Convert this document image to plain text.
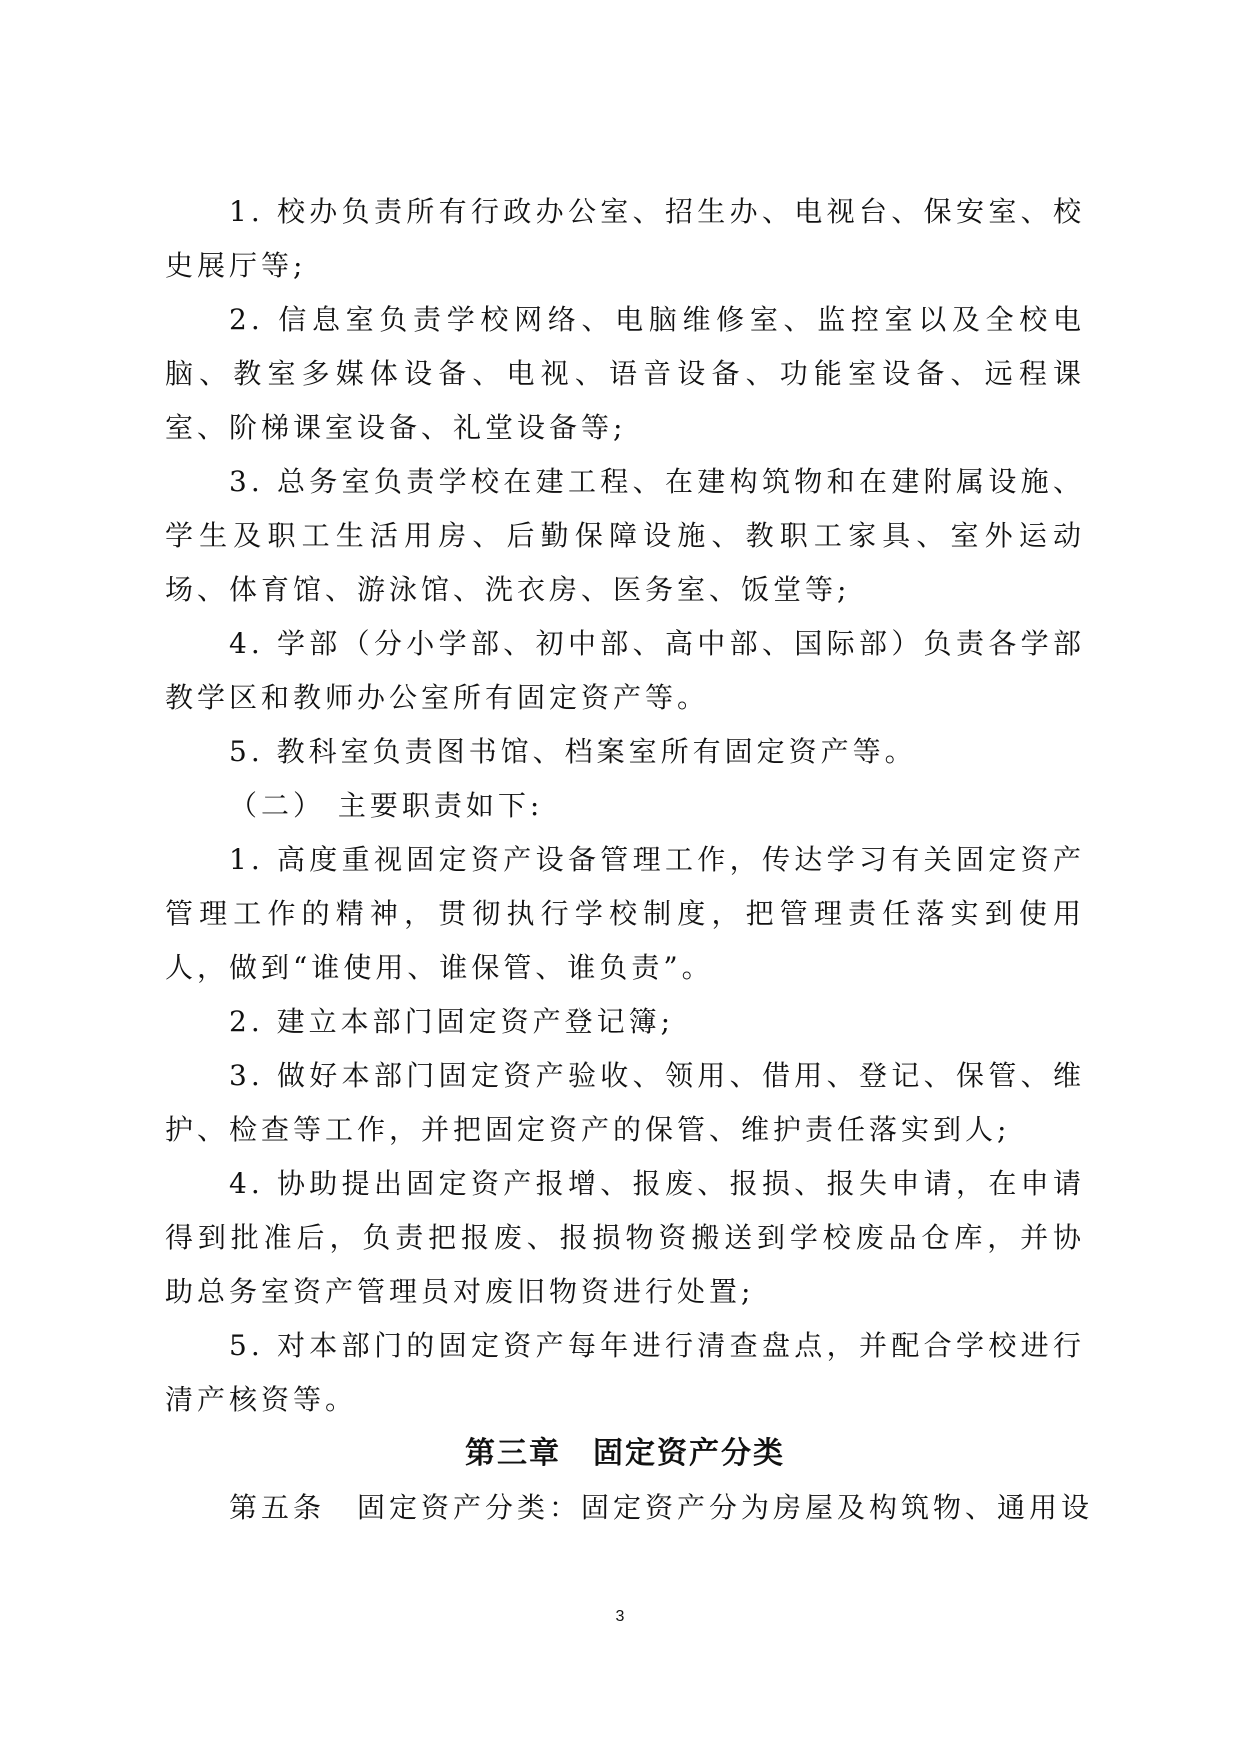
1. 校办负责所有行政办公室、招生办、电视台、保安室、校史展厅等;

2. 信息室负责学校网络、电脑维修室、监控室以及全校电脑、教室多媒体设备、电视、语音设备、功能室设备、远程课室、阶梯课室设备、礼堂设备等;

3. 总务室负责学校在建工程、在建构筑物和在建附属设施、学生及职工生活用房、后勤保障设施、教职工家具、室外运动场、体育馆、游泳馆、洗衣房、医务室、饭堂等;

4. 学部（分小学部、初中部、高中部、国际部）负责各学部教学区和教师办公室所有固定资产等。

5. 教科室负责图书馆、档案室所有固定资产等。

（二） 主要职责如下:

1. 高度重视固定资产设备管理工作，传达学习有关固定资产管理工作的精神，贯彻执行学校制度，把管理责任落实到使用人，做到“谁使用、谁保管、谁负责”。

2. 建立本部门固定资产登记簿;

3. 做好本部门固定资产验收、领用、借用、登记、保管、维护、检查等工作，并把固定资产的保管、维护责任落实到人;

4. 协助提出固定资产报增、报废、报损、报失申请，在申请得到批准后，负责把报废、报损物资搬送到学校废品仓库，并协助总务室资产管理员对废旧物资进行处置;

5. 对本部门的固定资产每年进行清查盘点，并配合学校进行清产核资等。

第三章　固定资产分类

第五条　 固定资产分类：固定资产分为房屋及构筑物、通用设

3
